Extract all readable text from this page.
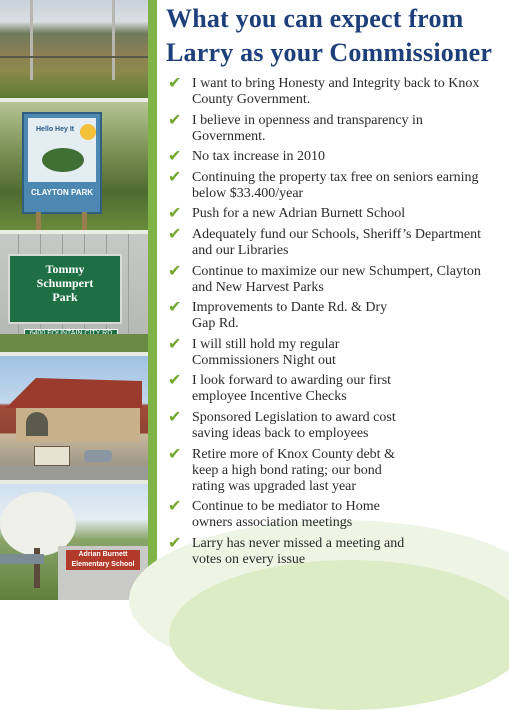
Hello Hey It
CLAYTON PARK
Tommy
Schumpert
Park
Adrian Burnett Elementary School
What you can expect from
Larry as your Commissioner
✔ I want to bring Honesty and Integrity back to Knox
County Government.
✔ I believe in openness and transparency in
Government.
✔ No tax increase in 2010
✔ Continuing the property tax free on seniors earning
below $33.400/year
✔ Push for a new Adrian Burnett School
✔ Adequately fund our Schools, Sheriff’s Department
and our Libraries
✔ Continue to maximize our new Schumpert, Clayton
and New Harvest Parks
✔ Improvements to Dante Rd. & Dry
Gap Rd.
✔ I will still hold my regular
Commissioners Night out
✔ I look forward to awarding our first
employee Incentive Checks
✔ Sponsored Legislation to award cost
saving ideas back to employees
✔ Retire more of Knox County debt &
keep a high bond rating; our bond
rating was upgraded last year
✔ Continue to be mediator to Home
owners association meetings
✔ Larry has never missed a meeting and
votes on every issue
